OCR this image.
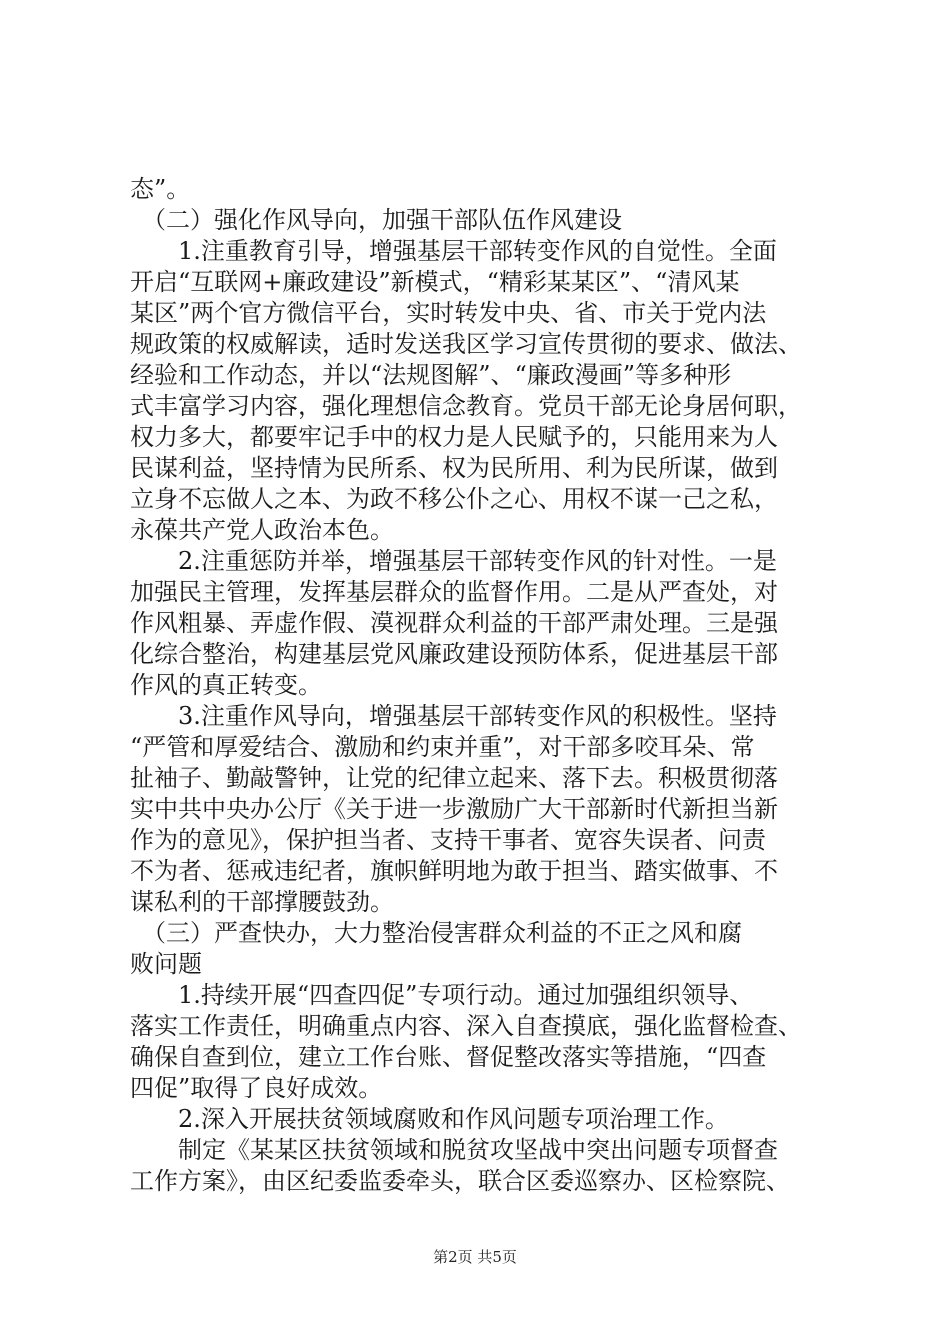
态”。
　（二）强化作风导向，加强干部队伍作风建设
　　1.注重教育引导，增强基层干部转变作风的自觉性。全面
开启“互联网+廉政建设”新模式，“精彩某某区”、“清风某
某区”两个官方微信平台，实时转发中央、省、市关于党内法
规政策的权威解读，适时发送我区学习宣传贯彻的要求、做法、
经验和工作动态，并以“法规图解”、“廉政漫画”等多种形
式丰富学习内容，强化理想信念教育。党员干部无论身居何职，
权力多大，都要牢记手中的权力是人民赋予的，只能用来为人
民谋利益，坚持情为民所系、权为民所用、利为民所谋，做到
立身不忘做人之本、为政不移公仆之心、用权不谋一己之私，
永葆共产党人政治本色。
　　2.注重惩防并举，增强基层干部转变作风的针对性。一是
加强民主管理，发挥基层群众的监督作用。二是从严查处，对
作风粗暴、弄虚作假、漠视群众利益的干部严肃处理。三是强
化综合整治，构建基层党风廉政建设预防体系，促进基层干部
作风的真正转变。
　　3.注重作风导向，增强基层干部转变作风的积极性。坚持
“严管和厚爱结合、激励和约束并重”，对干部多咬耳朵、常
扯袖子、勤敲警钟，让党的纪律立起来、落下去。积极贯彻落
实中共中央办公厅《关于进一步激励广大干部新时代新担当新
作为的意见》，保护担当者、支持干事者、宽容失误者、问责
不为者、惩戒违纪者，旗帜鲜明地为敢于担当、踏实做事、不
谋私利的干部撑腰鼓劲。
　（三）严查快办，大力整治侵害群众利益的不正之风和腐
败问题
　　1.持续开展“四查四促”专项行动。通过加强组织领导、
落实工作责任，明确重点内容、深入自查摸底，强化监督检查、
确保自查到位，建立工作台账、督促整改落实等措施，“四查
四促”取得了良好成效。
　　2.深入开展扶贫领域腐败和作风问题专项治理工作。
　　制定《某某区扶贫领域和脱贫攻坚战中突出问题专项督查
工作方案》，由区纪委监委牵头，联合区委巡察办、区检察院、
第2页 共5页
